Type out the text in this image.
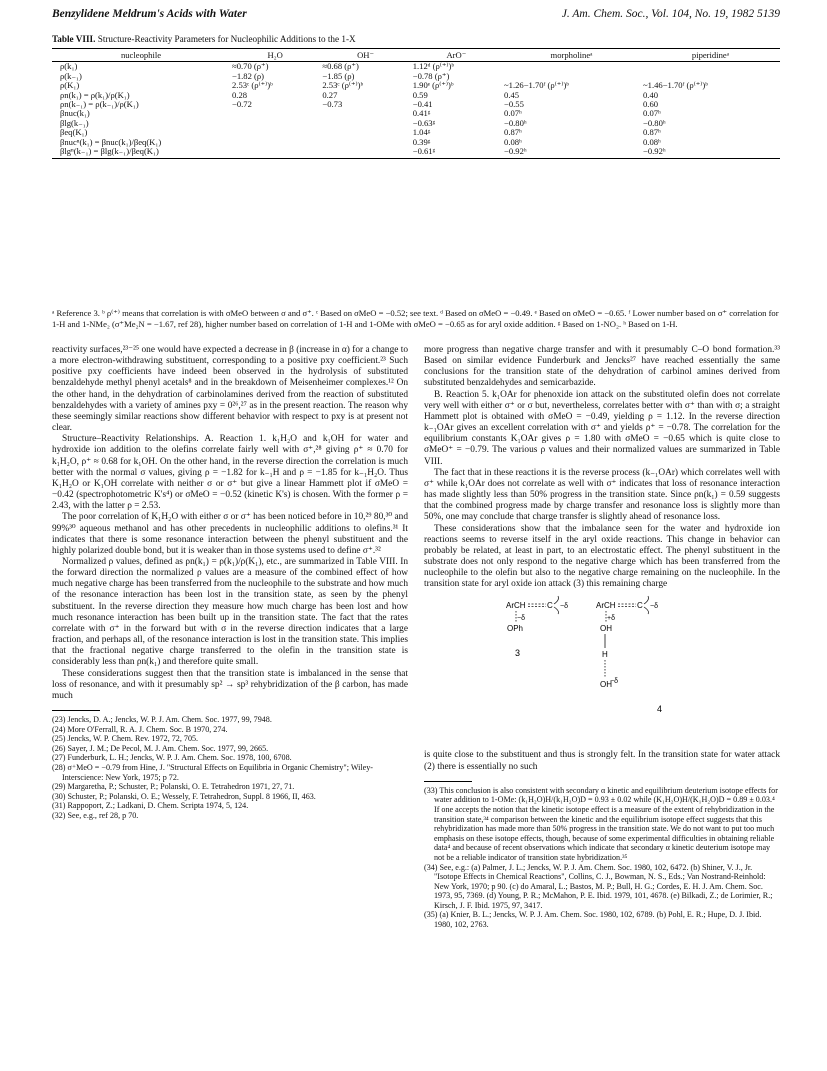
Benzylidene Meldrum's Acids with Water	J. Am. Chem. Soc., Vol. 104, No. 19, 1982 5139
Table VIII. Structure-Reactivity Parameters for Nucleophilic Additions to the 1-X
nucleophile	H₂O	OH⁻	ArO⁻	morpholineᵃ	piperidineᵃ
ρ(k₁)	≈0.70 (ρ⁺)	≈0.68 (ρ⁺)	1.12ᵈ (ρ⁽⁺⁾)ᵇ		
ρ(k₋₁)	−1.82 (ρ)	−1.85 (ρ)	−0.78 (ρ⁺)		
ρ(K₁)	2.53ᶜ (ρ⁽⁺⁾)ᵇ	2.53ᶜ (ρ⁽⁺⁾)ᵇ	1.90ᵉ (ρ⁽⁺⁾)ᵇ	~1.26−1.70ᶠ (ρ⁽⁺⁾)ᵇ	~1.46−1.70ᶠ (ρ⁽⁺⁾)ᵇ
ρn(k₁) = ρ(k₁)/ρ(K₁)	0.28	0.27	0.59	0.45	0.40
ρn(k₋₁) = ρ(k₋₁)/ρ(K₁)	−0.72	−0.73	−0.41	−0.55	0.60
βnuc(k₁)			0.41ᵍ	0.07ʰ	0.07ʰ
βlg(k₋₁)			−0.63ᵍ	−0.80ʰ	−0.80ʰ
βeq(K₁)			1.04ᵍ	0.87ʰ	0.87ʰ
βnucⁿ(k₁) = βnuc(k₁)/βeq(K₁)			0.39ᵍ	0.08ʰ	0.08ʰ
βlgⁿ(k₋₁) = βlg(k₋₁)/βeq(K₁)			−0.61ᵍ	−0.92ʰ	−0.92ʰ
ᵃ Reference 3. ᵇ ρ⁽⁺⁾ means that correlation is with σMeO between σ and σ⁺. ᶜ Based on σMeO = −0.52; see text. ᵈ Based on σMeO = −0.49. ᵉ Based on σMeO = −0.65. ᶠ Lower number based on σ⁺ correlation for 1-H and 1-NMe₂ (σ⁺Me₂N = −1.67, ref 28), higher number based on correlation of 1-H and 1-OMe with σMeO = −0.65 as for aryl oxide addition. ᵍ Based on 1-NO₂. ʰ Based on 1-H.

reactivity surfaces,²³⁻²⁵ one would have expected a decrease in β (increase in α) for a change to a more electron-withdrawing substituent, corresponding to a positive pxy coefficient.²³ Such positive pxy coefficients have indeed been observed in the hydrolysis of substituted benzaldehyde methyl phenyl acetals⁸ and in the breakdown of Meisenheimer complexes.¹² On the other hand, in the dehydration of carbinolamines derived from the reaction of substituted benzaldehydes with a variety of amines pxy = 0²⁶,²⁷ as in the present reaction. The reason why these seemingly similar reactions show different behavior with respect to pxy is at present not clear.

Structure–Reactivity Relationships. A. Reaction 1. k₁H₂O and k₁OH for water and hydroxide ion addition to the olefins correlate fairly well with σ⁺,²⁸ giving ρ⁺ ≈ 0.70 for k₁H₂O, ρ⁺ ≈ 0.68 for k₁OH. On the other hand, in the reverse direction the correlation is much better with the normal σ values, giving ρ = −1.82 for k₋₁H and ρ = −1.85 for k₋₁H₂O. Thus K₁H₂O or K₁OH correlate with neither σ or σ⁺ but give a linear Hammett plot if σMeO = −0.42 (spectrophotometric K's⁴) or σMeO = −0.52 (kinetic K's) is chosen. With the former ρ = 2.43, with the latter ρ = 2.53.

The poor correlation of K₁H₂O with either σ or σ⁺ has been noticed before in 10,²⁹ 80,³⁰ and 99%³⁰ aqueous methanol and has other precedents in nucleophilic additions to olefins.³¹ It indicates that there is some resonance interaction between the phenyl substituent and the highly polarized double bond, but it is weaker than in those systems used to define σ⁺.³²

Normalized ρ values, defined as ρn(k₁) = ρ(k₁)/ρ(K₁), etc., are summarized in Table VIII. In the forward direction the normalized ρ values are a measure of the combined effect of how much negative charge has been transferred from the nucleophile to the substrate and how much of the resonance interaction has been lost in the transition state, as seen by the phenyl substituent. In the reverse direction they measure how much charge has been lost and how much resonance interaction has been built up in the transition state. The fact that the rates correlate with σ⁺ in the forward but with σ in the reverse direction indicates that a large fraction, and perhaps all, of the resonance interaction is lost in the transition state. This implies that the fractional negative charge transferred to the olefin in the transition state is considerably less than ρn(k₁) and therefore quite small.

These considerations suggest then that the transition state is imbalanced in the sense that loss of resonance, and with it presumably sp² → sp³ rehybridization of the β carbon, has made much

(23) Jencks, D. A.; Jencks, W. P. J. Am. Chem. Soc. 1977, 99, 7948.

(24) More O'Ferrall, R. A. J. Chem. Soc. B 1970, 274.

(25) Jencks, W. P. Chem. Rev. 1972, 72, 705.

(26) Sayer, J. M.; De Pecol, M. J. Am. Chem. Soc. 1977, 99, 2665.

(27) Funderburk, L. H.; Jencks, W. P. J. Am. Chem. Soc. 1978, 100, 6708.

(28) σ⁺MeO = −0.79 from Hine, J. "Structural Effects on Equilibria in Organic Chemistry"; Wiley-Interscience: New York, 1975; p 72.

(29) Margaretha, P.; Schuster, P.; Polanski, O. E. Tetrahedron 1971, 27, 71.

(30) Schuster, P.; Polanski, O. E.; Wessely, F. Tetrahedron, Suppl. 8 1966, II, 463.

(31) Rappoport, Z.; Ladkani, D. Chem. Scripta 1974, 5, 124.

(32) See, e.g., ref 28, p 70.

more progress than negative charge transfer and with it presumably C–O bond formation.³³ Based on similar evidence Funderburk and Jencks²⁷ have reached essentially the same conclusions for the transition state of the dehydration of carbinol amines derived from substituted benzaldehydes and semicarbazide.

B. Reaction 5. k₁OAr for phenoxide ion attack on the substituted olefin does not correlate very well with either σ⁺ or σ but, nevertheless, correlates better with σ⁺ than with σ; a straight Hammett plot is obtained with σMeO = −0.49, yielding ρ = 1.12. In the reverse direction k₋₁OAr gives an excellent correlation with σ⁺ and yields ρ⁺ = −0.78. The correlation for the equilibrium constants K₁OAr gives ρ = 1.80 with σMeO = −0.65 which is quite close to σMeO⁺ = −0.79. The various ρ values and their normalized values are summarized in Table VIII.

The fact that in these reactions it is the reverse process (k₋₁OAr) which correlates well with σ⁺ while k₁OAr does not correlate as well with σ⁺ indicates that loss of resonance interaction has made slightly less than 50% progress in the transition state. Since ρn(k₁) = 0.59 suggests that the combined progress made by charge transfer and resonance loss is slightly more than 50%, one may conclude that charge transfer is slightly ahead of resonance loss.

These considerations show that the imbalance seen for the water and hydroxide ion reactions seems to reverse itself in the aryl oxide reactions. This change in behavior can probably be related, at least in part, to an electrostatic effect. The phenyl substituent in the substrate does not only respond to the negative charge which has been transferred from the nucleophile to the olefin but also to the negative charge remaining on the nucleophile. In the transition state for aryl oxide ion attack (3) this remaining charge

ArCH	C −δ
−δ
OPh
3
ArCH	C −δ
+δ
OH
H
OH
−δ
4

is quite close to the substituent and thus is strongly felt. In the transition state for water attack (2) there is essentially no such

(33) This conclusion is also consistent with secondary α kinetic and equilibrium deuterium isotope effects for water addition to 1-OMe: (k₁H₂O)H/(k₁H₂O)D = 0.93 ± 0.02 while (K₁H₂O)H/(K₁H₂O)D = 0.89 ± 0.03.⁴ If one accepts the notion that the kinetic isotope effect is a measure of the extent of rehybridization in the transition state,³⁴ comparison between the kinetic and the equilibrium isotope effect suggests that this rehybridization has made more than 50% progress in the transition state. We do not want to put too much emphasis on these isotope effects, though, because of some experimental difficulties in obtaining reliable data⁴ and because of recent observations which indicate that secondary α kinetic deuterium isotope may not be a reliable indicator of transition state hybridization.³⁵

(34) See, e.g.: (a) Palmer, J. L.; Jencks, W. P. J. Am. Chem. Soc. 1980, 102, 6472. (b) Shiner, V. J., Jr. "Isotope Effects in Chemical Reactions", Collins, C. J., Bowman, N. S., Eds.; Van Nostrand-Reinhold: New York, 1970; p 90. (c) do Amaral, L.; Bastos, M. P.; Bull, H. G.; Cordes, E. H. J. Am. Chem. Soc. 1973, 95, 7369. (d) Young, P. R.; McMahon, P. E. Ibid. 1979, 101, 4678. (e) Bilkadi, Z.; de Lorimier, R.; Kirsch, J. F. Ibid. 1975, 97, 3417.

(35) (a) Knier, B. L.; Jencks, W. P. J. Am. Chem. Soc. 1980, 102, 6789. (b) Pohl, E. R.; Hupe, D. J. Ibid. 1980, 102, 2763.
